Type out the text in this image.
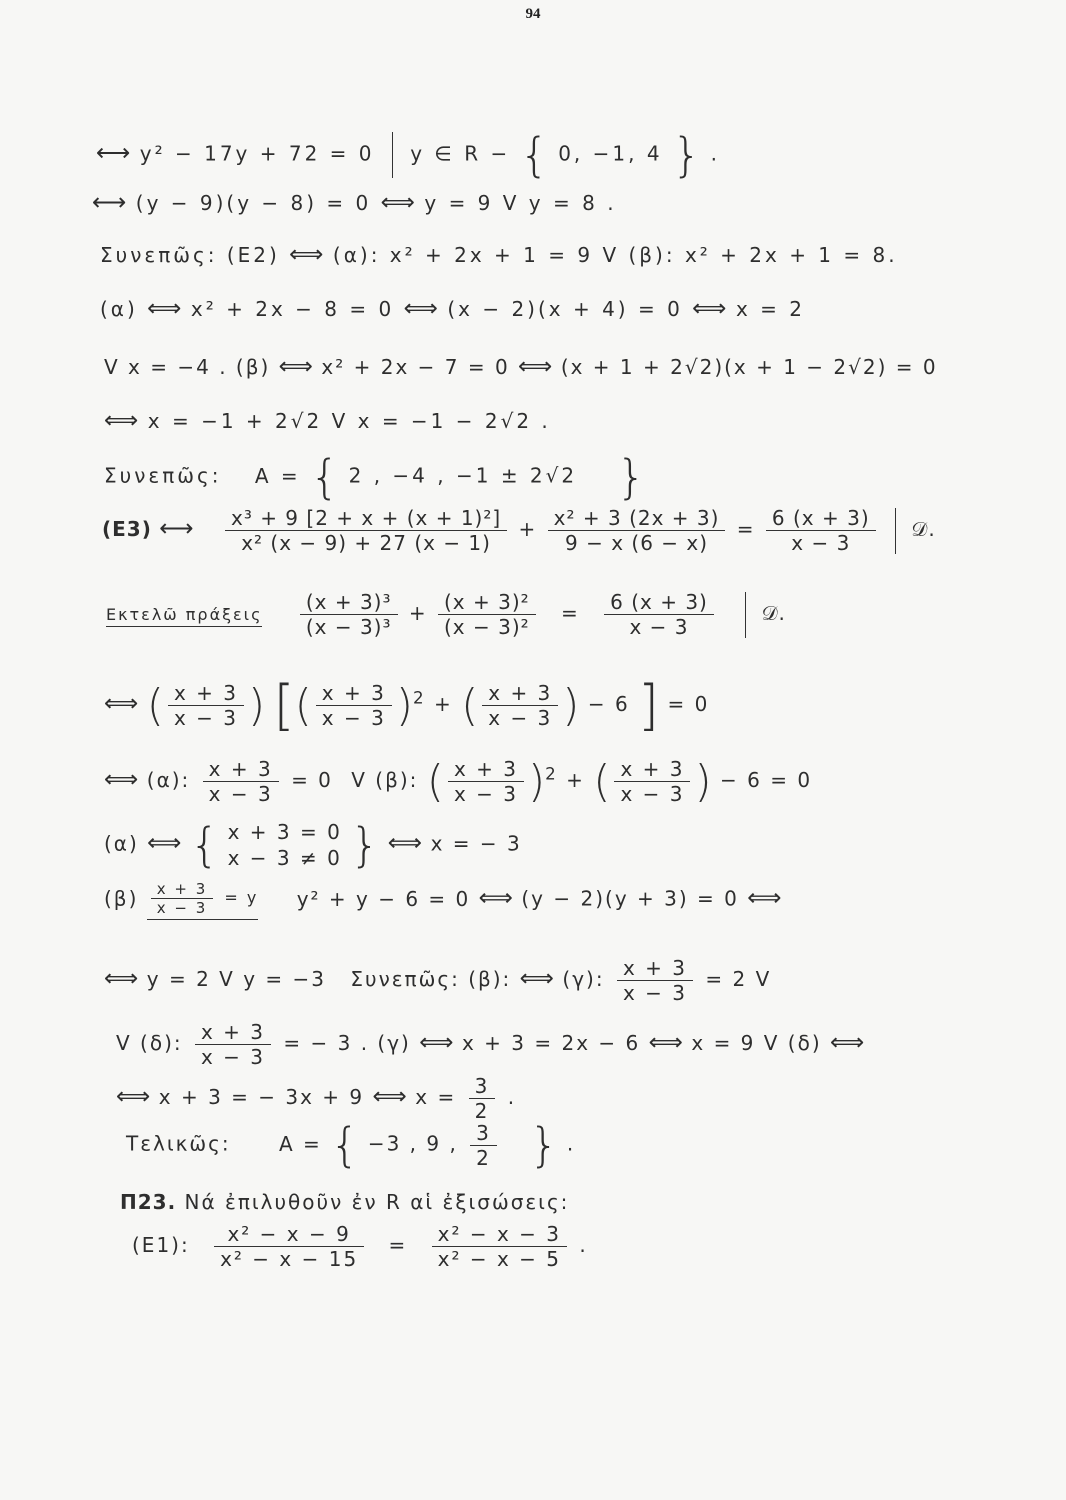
94
⟷ y² − 17y + 72 = 0 y ∈ R − { 0, −1, 4 } .
⟷ (y − 9)(y − 8) = 0 ⟺ y = 9 V y = 8 .
Συνεπῶς: (E2) ⟺ (α): x² + 2x + 1 = 9 V (β): x² + 2x + 1 = 8.
(α) ⟺ x² + 2x − 8 = 0 ⟺ (x − 2)(x + 4) = 0 ⟺ x = 2
V x = −4 . (β) ⟺ x² + 2x − 7 = 0 ⟺ (x + 1 + 2√2)(x + 1 − 2√2) = 0
⟺ x = −1 + 2√2 V x = −1 − 2√2 .
Συνεπῶς: A = { 2 , −4 , −1 ± 2√2 }
(E3) ⟷ $\frac{\text{x³ + 9 [2 + x + (x + 1)²]}}{\text{x² (x − 9) + 27 (x − 1)}} + \frac{\text{x² + 3 (2x + 3)}}{9 - x (6 - x)} = \frac{6 (x + 3)}{x - 3}$ 𝒟.
Εκτελῶ πράξεις
$\frac{\text{(x + 3)³}}{\text{(x − 3)³}} + \frac{\text{(x + 3)²}}{\text{(x − 3)²}} = \frac{6 (x + 3)}{x - 3}$ 𝒟.
⟺ ( $\frac{x + 3}{x - 3}$ ) [( $\frac{x + 3}{x - 3} )^2$ + ( $\frac{x + 3}{x - 3}$ ) − 6 ] = 0
⟺ (α): $\frac{x + 3}{x - 3} = 0$ V (β): ( $\frac{x + 3}{x - 3} )^2$ + ( $\frac{x + 3}{x - 3}$ ) − 6 = 0
(α) ⟺ { x + 3 = 0
x − 3 ≠ 0 } ⟺ x = − 3
$(\beta) \frac{x + 3}{x - 3} = y$ y² + y − 6 = 0 ⟺ (y − 2)(y + 3) = 0 ⟺
⟺ y = 2 V y = −3 Συνεπῶς: (β): ⟺ (γ): $\frac{x + 3}{x - 3} = 2$ V
V (δ): $\frac{x + 3}{x - 3}$ = − 3 . (γ) ⟺ x + 3 = 2x − 6 ⟺ x = 9 V (δ) ⟺
⟺ x + 3 = − 3x + 9 ⟺ $x = \frac{3}{2}$ .
Τελικῶς: A = { −3 , 9 , $\frac{3}{2}$ } .
Π23. Νά ἐπιλυθοῦν ἐν R αἱ ἐξισώσεις:
(E1): $\frac{\text{x² − x − 9}}{\text{x² − x − 15}} = \frac{\text{x² − x − 3}}{\text{x² − x − 5}}$ .
